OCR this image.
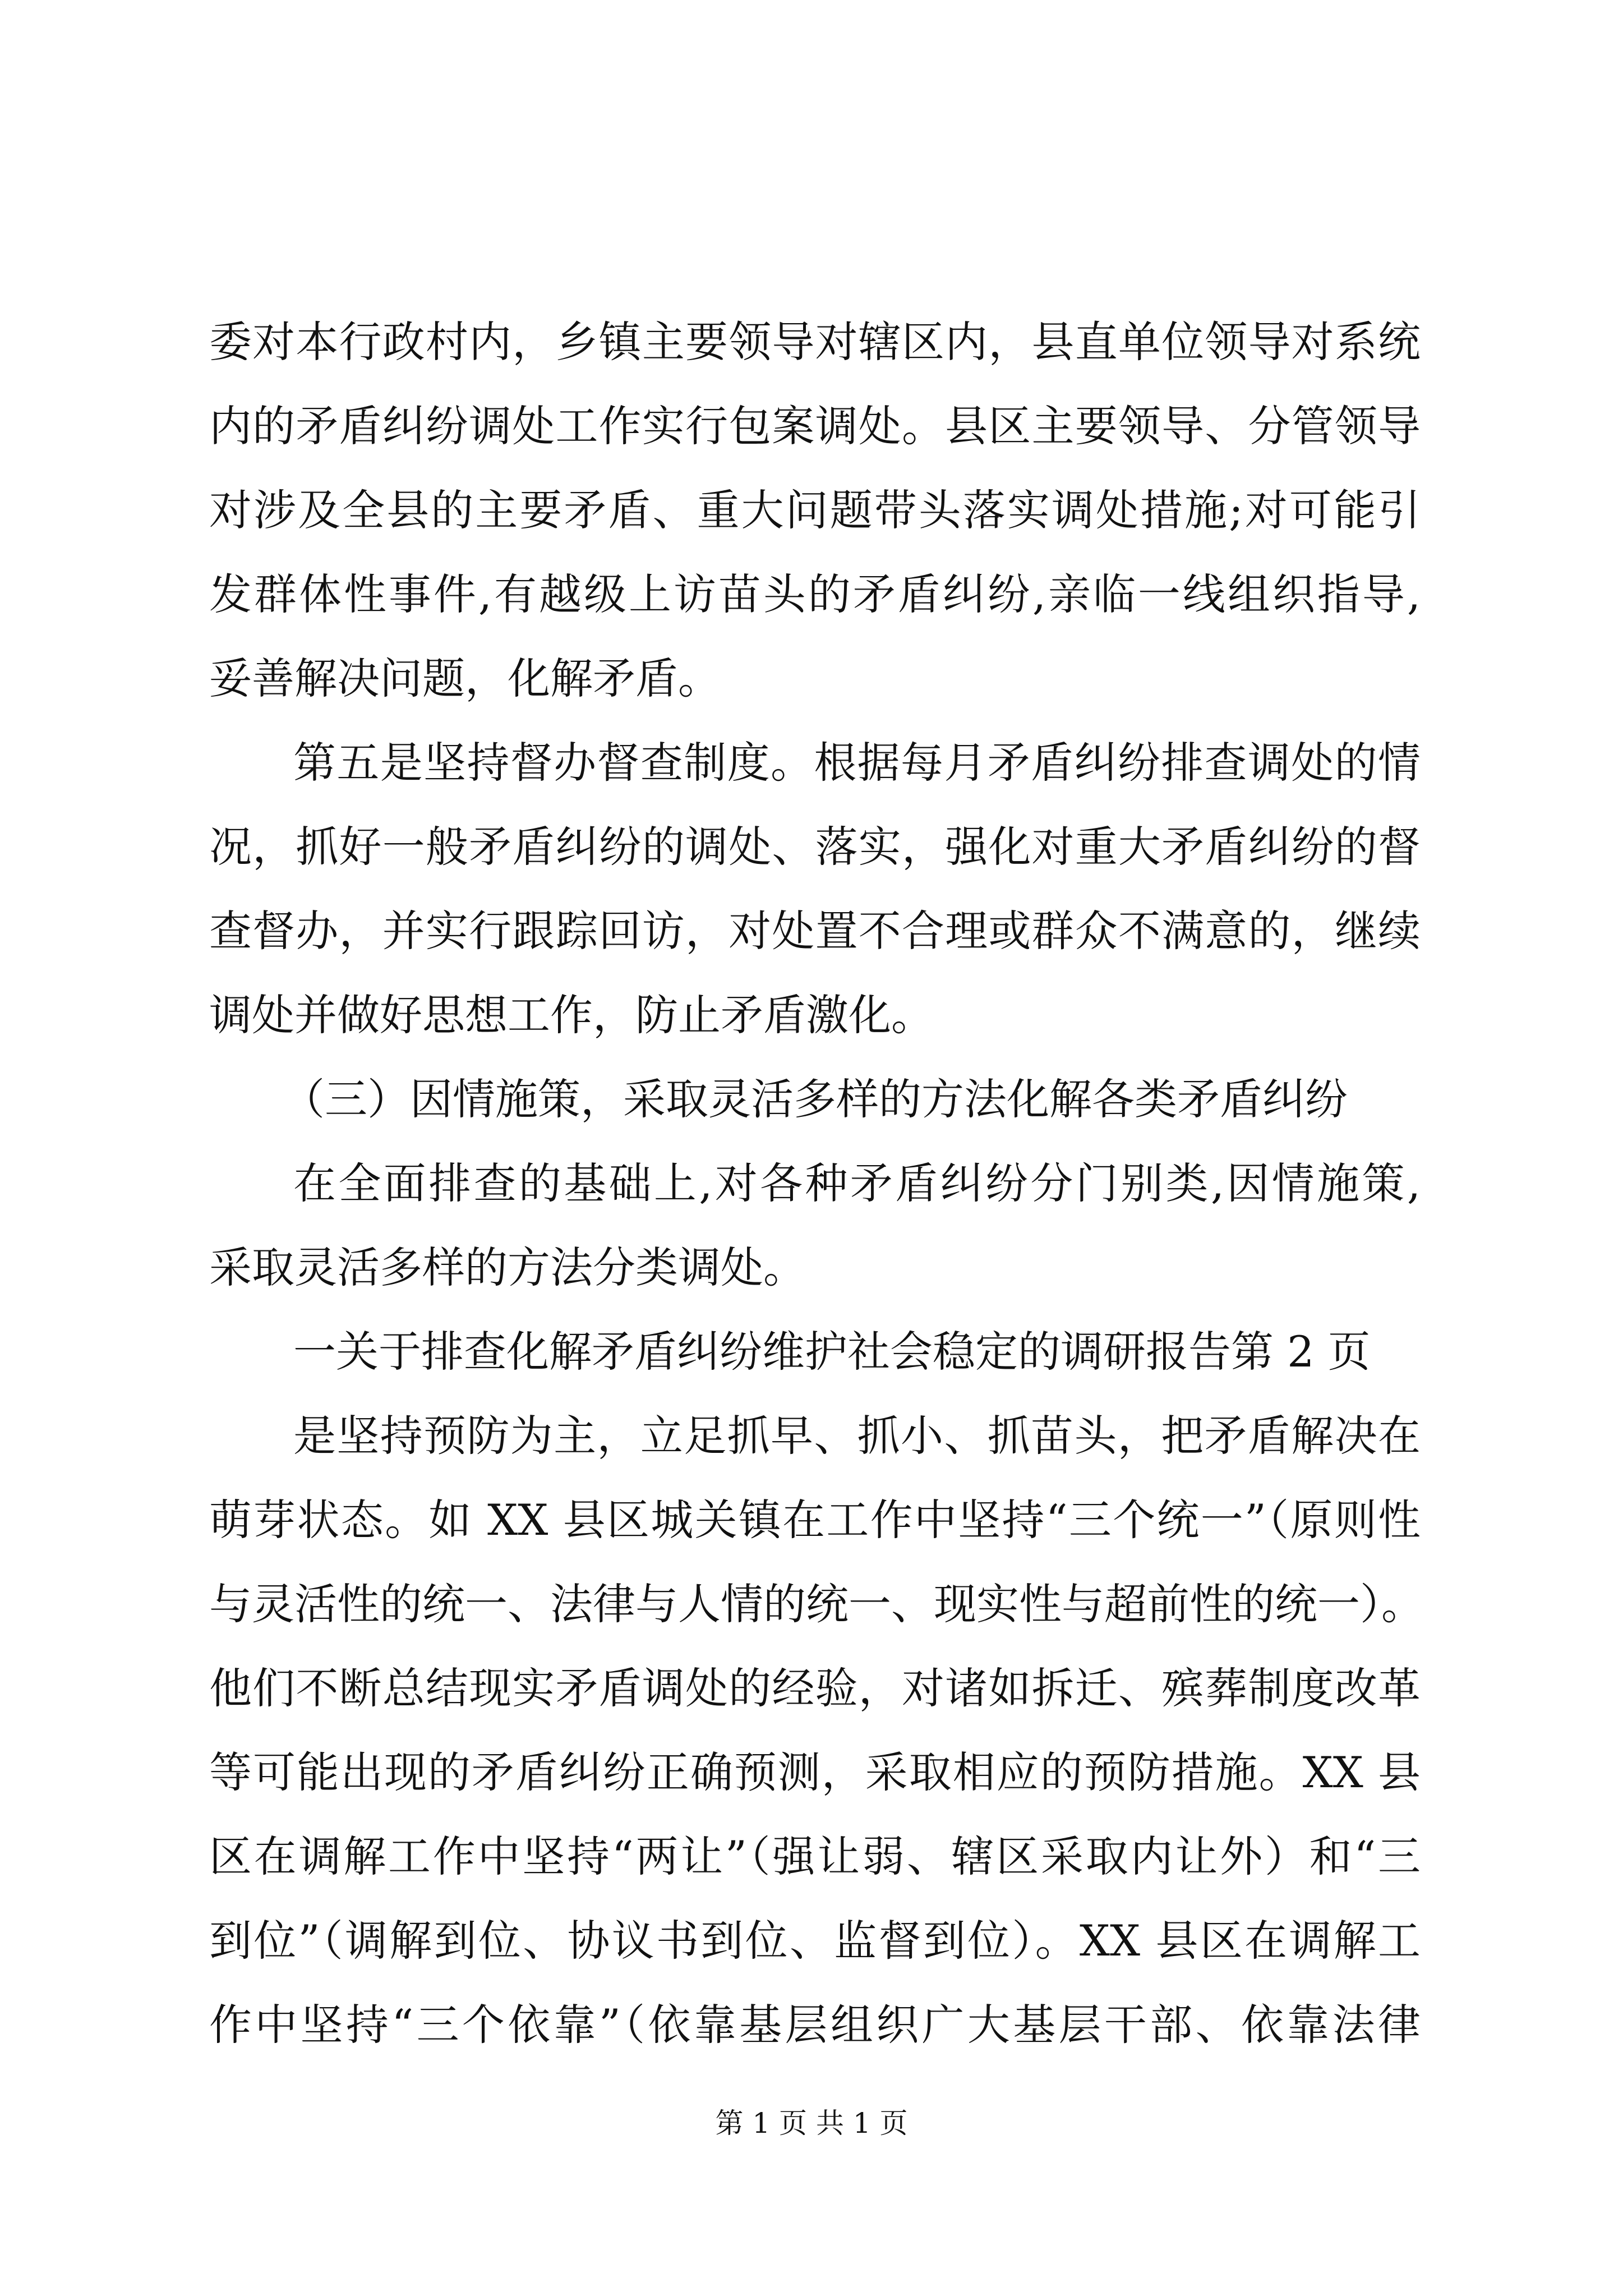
委对本行政村内，乡镇主要领导对辖区内，县直单位领导对系统
内的矛盾纠纷调处工作实行包案调处。县区主要领导、分管领导
对涉及全县的主要矛盾、重大问题带头落实调处措施;对可能引
发群体性事件,有越级上访苗头的矛盾纠纷,亲临一线组织指导,
妥善解决问题，化解矛盾。
第五是坚持督办督查制度。根据每月矛盾纠纷排查调处的情
况，抓好一般矛盾纠纷的调处、落实，强化对重大矛盾纠纷的督
查督办，并实行跟踪回访，对处置不合理或群众不满意的，继续
调处并做好思想工作，防止矛盾激化。
（三）因情施策，采取灵活多样的方法化解各类矛盾纠纷
在全面排查的基础上,对各种矛盾纠纷分门别类,因情施策,
采取灵活多样的方法分类调处。
一关于排查化解矛盾纠纷维护社会稳定的调研报告第 2 页
是坚持预防为主，立足抓早、抓小、抓苗头，把矛盾解决在
萌芽状态。如 XX 县区城关镇在工作中坚持“三个统一”（原则性
与灵活性的统一、法律与人情的统一、现实性与超前性的统一）。
他们不断总结现实矛盾调处的经验，对诸如拆迁、殡葬制度改革
等可能出现的矛盾纠纷正确预测，采取相应的预防措施。XX 县
区在调解工作中坚持“两让”（强让弱、辖区采取内让外）和“三
到位”（调解到位、协议书到位、监督到位）。XX 县区在调解工
作中坚持“三个依靠”（依靠基层组织广大基层干部、依靠法律
第 1 页 共 1 页
